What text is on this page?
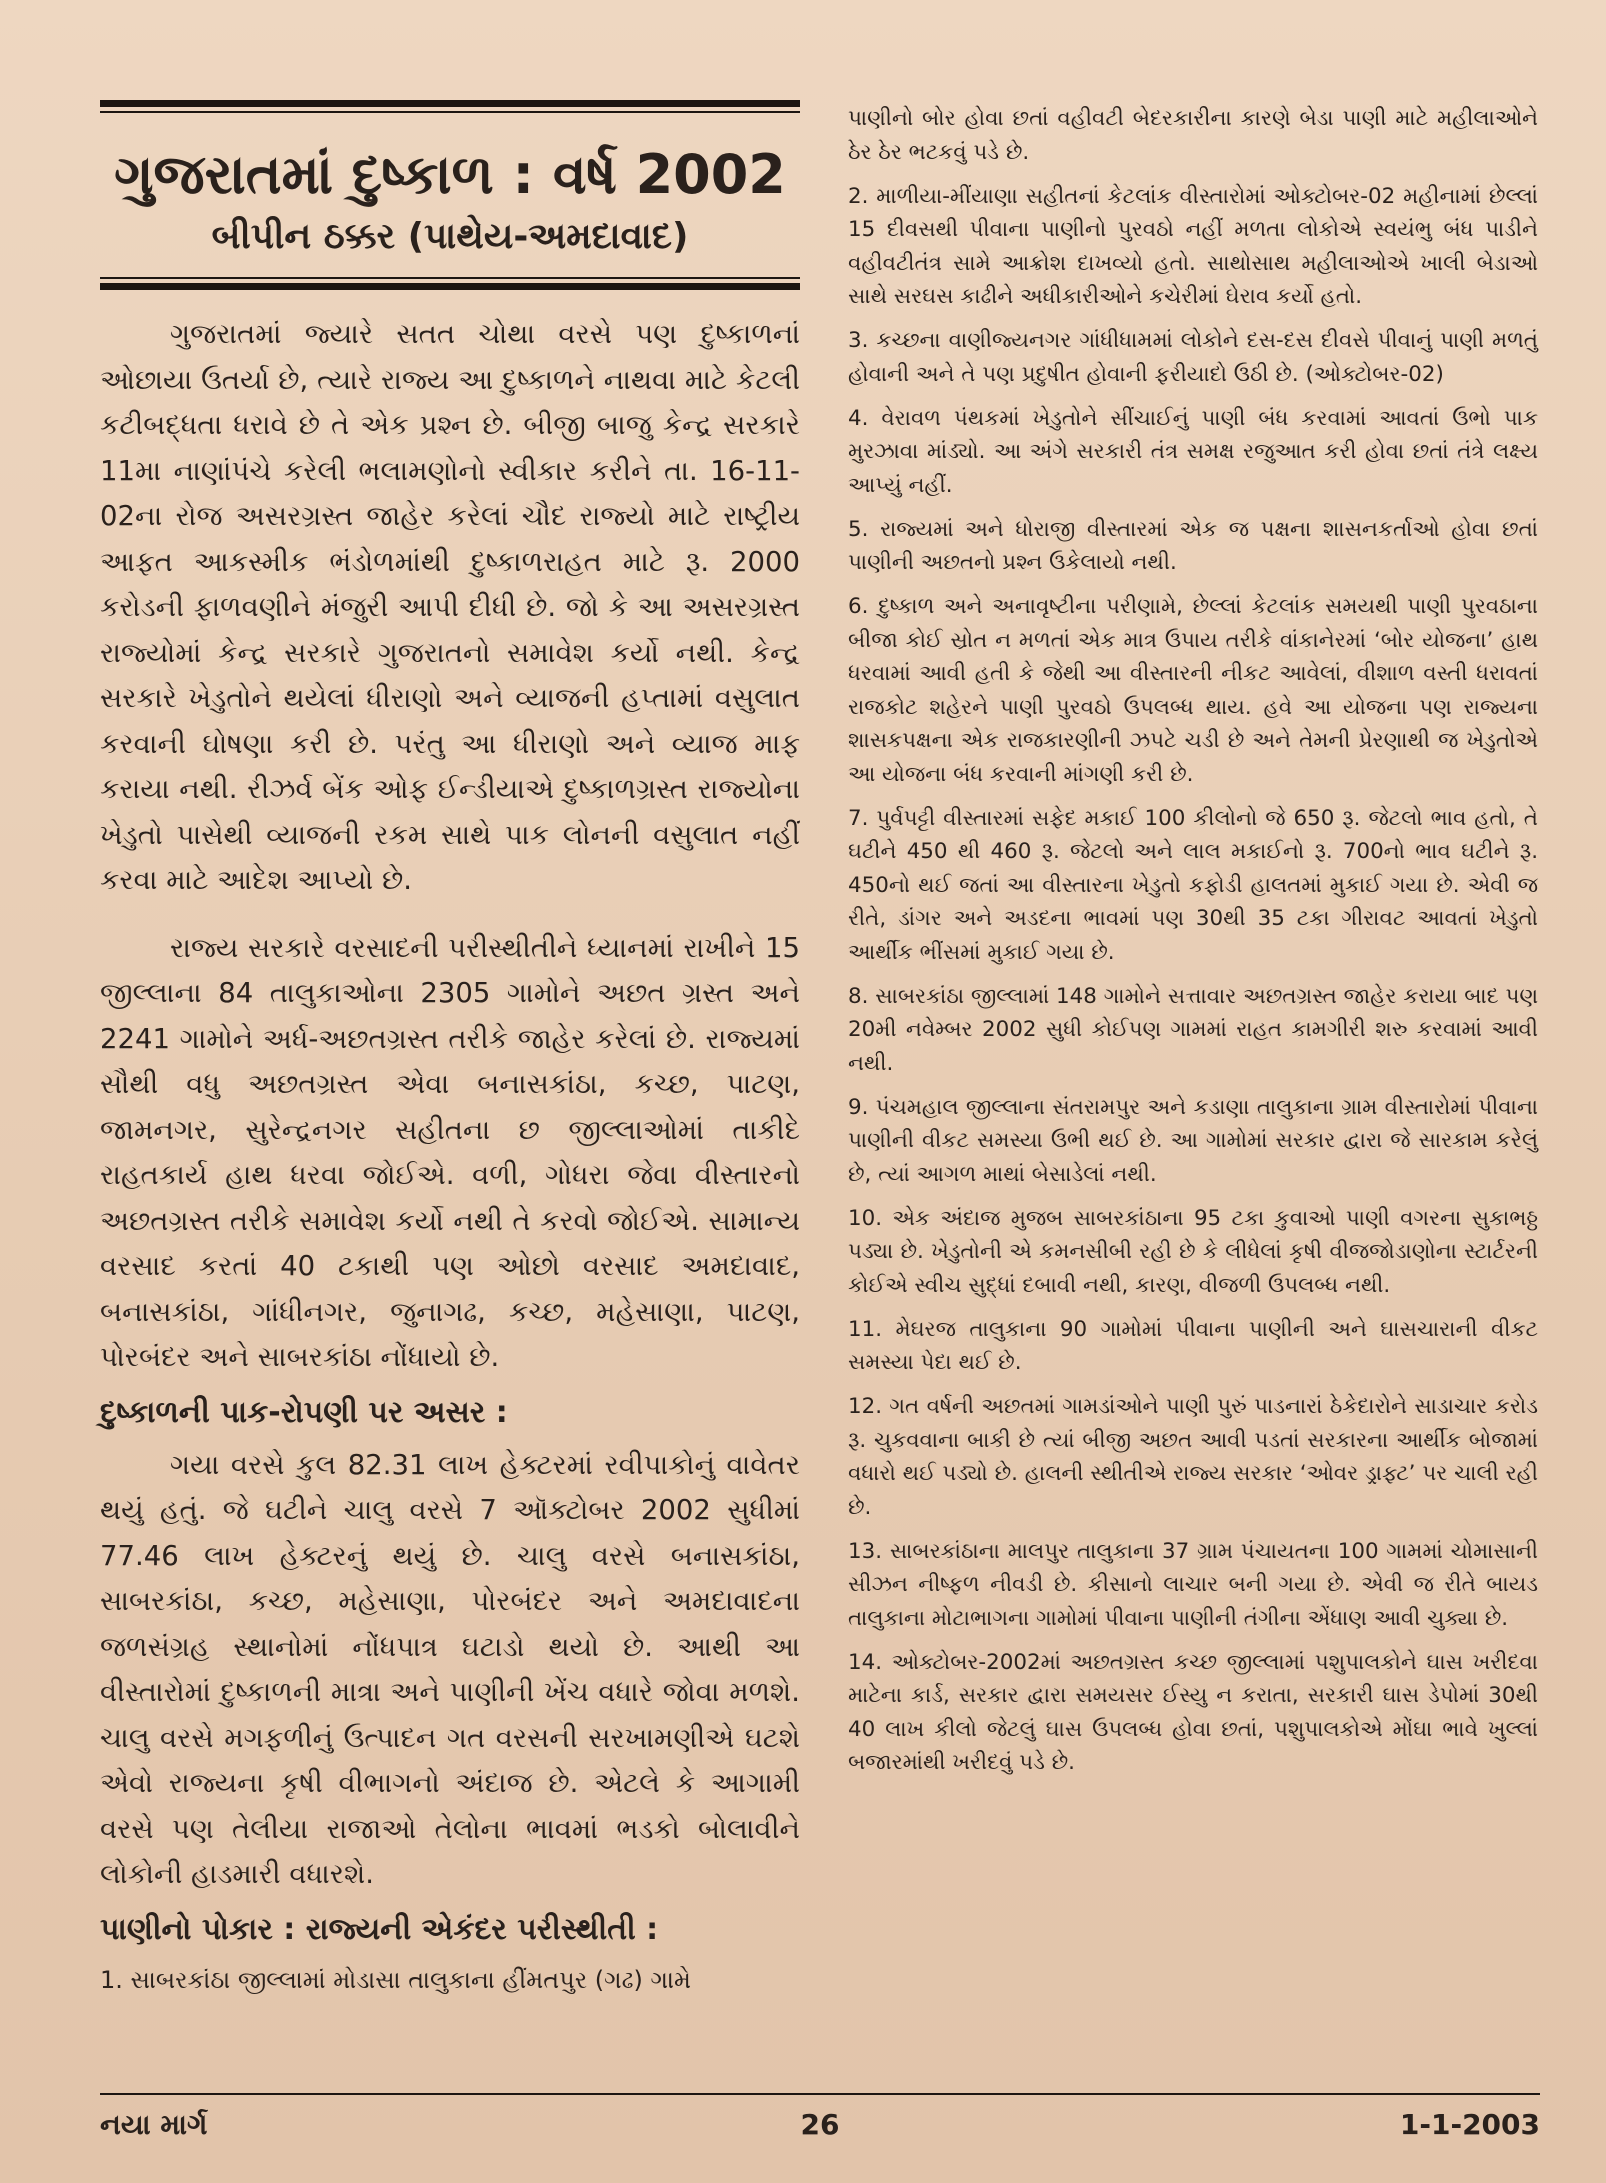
ગુજરાતમાં દુષ્કાળ : વર્ષ 2002
બીપીન ઠક્કર (પાથેય-અમદાવાદ)

ગુજરાતમાં જ્યારે સતત ચોથા વરસે પણ દુષ્કાળનાં ઓછાયા ઉતર્યા છે, ત્યારે રાજ્ય આ દુષ્કાળને નાથવા માટે કેટલી કટીબદ્ધતા ધરાવે છે તે એક પ્રશ્ન છે. બીજી બાજુ કેન્દ્ર સરકારે 11મા નાણાંપંચે કરેલી ભલામણોનો સ્વીકાર કરીને તા. 16-11-02ના રોજ અસરગ્રસ્ત જાહેર કરેલાં ચૌદ રાજ્યો માટે રાષ્ટ્રીય આફત આકસ્મીક ભંડોળમાંથી દુષ્કાળરાહત માટે રૂ. 2000 કરોડની ફાળવણીને મંજુરી આપી દીધી છે. જો કે આ અસરગ્રસ્ત રાજ્યોમાં કેન્દ્ર સરકારે ગુજરાતનો સમાવેશ કર્યો નથી. કેન્દ્ર સરકારે ખેડુતોને થયેલાં ધીરાણો અને વ્યાજની હપ્તામાં વસુલાત કરવાની ઘોષણા કરી છે. પરંતુ આ ધીરાણો અને વ્યાજ માફ કરાયા નથી. રીઝર્વ બેંક ઓફ ઈન્ડીયાએ દુષ્કાળગ્રસ્ત રાજ્યોના ખેડુતો પાસેથી વ્યાજની રકમ સાથે પાક લોનની વસુલાત નહીં કરવા માટે આદેશ આપ્યો છે.

રાજ્ય સરકારે વરસાદની પરીસ્થીતીને ધ્યાનમાં રાખીને 15 જીલ્લાના 84 તાલુકાઓના 2305 ગામોને અછત ગ્રસ્ત અને 2241 ગામોને અર્ધ-અછતગ્રસ્ત તરીકે જાહેર કરેલાં છે. રાજ્યમાં સૌથી વધુ અછતગ્રસ્ત એવા બનાસકાંઠા, કચ્છ, પાટણ, જામનગર, સુરેન્દ્રનગર સહીતના છ જીલ્લાઓમાં તાકીદે રાહતકાર્ય હાથ ધરવા જોઈએ. વળી, ગોધરા જેવા વીસ્તારનો અછતગ્રસ્ત તરીકે સમાવેશ કર્યો નથી તે કરવો જોઈએ. સામાન્ય વરસાદ કરતાં 40 ટકાથી પણ ઓછો વરસાદ અમદાવાદ, બનાસકાંઠા, ગાંધીનગર, જુનાગઢ, કચ્છ, મહેસાણા, પાટણ, પોરબંદર અને સાબરકાંઠા નોંધાયો છે.

દુષ્કાળની પાક-રોપણી પર અસર :

ગયા વરસે કુલ 82.31 લાખ હેક્ટરમાં રવીપાકોનું વાવેતર થયું હતું. જે ઘટીને ચાલુ વરસે 7 ઑક્ટોબર 2002 સુધીમાં 77.46 લાખ હેક્ટરનું થયું છે. ચાલુ વરસે બનાસકાંઠા, સાબરકાંઠા, કચ્છ, મહેસાણા, પોરબંદર અને અમદાવાદના જળસંગ્રહ સ્થાનોમાં નોંધપાત્ર ઘટાડો થયો છે. આથી આ વીસ્તારોમાં દુષ્કાળની માત્રા અને પાણીની ખેંચ વધારે જોવા મળશે. ચાલુ વરસે મગફળીનું ઉત્પાદન ગત વરસની સરખામણીએ ઘટશે એવો રાજ્યના કૃષી વીભાગનો અંદાજ છે. એટલે કે આગામી વરસે પણ તેલીયા રાજાઓ તેલોના ભાવમાં ભડકો બોલાવીને લોકોની હાડમારી વધારશે.

પાણીનો પોકાર : રાજ્યની એકંદર પરીસ્થીતી :

1. સાબરકાંઠા જીલ્લામાં મોડાસા તાલુકાના હીંમતપુર (ગઢ) ગામે

પાણીનો બોર હોવા છતાં વહીવટી બેદરકારીના કારણે બેડા પાણી માટે મહીલાઓને ઠેર ઠેર ભટકવું પડે છે.

2. માળીયા-મીંયાણા સહીતનાં કેટલાંક વીસ્તારોમાં ઓક્ટોબર-02 મહીનામાં છેલ્લાં 15 દીવસથી પીવાના પાણીનો પુરવઠો નહીં મળતા લોકોએ સ્વયંભુ બંધ પાડીને વહીવટીતંત્ર સામે આક્રોશ દાખવ્યો હતો. સાથોસાથ મહીલાઓએ ખાલી બેડાઓ સાથે સરઘસ કાઢીને અધીકારીઓને કચેરીમાં ઘેરાવ કર્યો હતો.

3. કચ્છના વાણીજ્યનગર ગાંધીધામમાં લોકોને દસ-દસ દીવસે પીવાનું પાણી મળતું હોવાની અને તે પણ પ્રદુષીત હોવાની ફરીયાદો ઉઠી છે. (ઓક્ટોબર-02)

4. વેરાવળ પંથકમાં ખેડુતોને સીંચાઈનું પાણી બંધ કરવામાં આવતાં ઉભો પાક મુરઝાવા માંડ્યો. આ અંગે સરકારી તંત્ર સમક્ષ રજુઆત કરી હોવા છતાં તંત્રે લક્ષ્ય આપ્યું નહીં.

5. રાજ્યમાં અને ધોરાજી વીસ્તારમાં એક જ પક્ષના શાસનકર્તાઓ હોવા છતાં પાણીની અછતનો પ્રશ્ન ઉકેલાયો નથી.

6. દુષ્કાળ અને અનાવૃષ્ટીના પરીણામે, છેલ્લાં કેટલાંક સમયથી પાણી પુરવઠાના બીજા કોઈ સ્રોત ન મળતાં એક માત્ર ઉપાય તરીકે વાંકાનેરમાં ‘બોર યોજના’ હાથ ધરવામાં આવી હતી કે જેથી આ વીસ્તારની નીકટ આવેલાં, વીશાળ વસ્તી ધરાવતાં રાજકોટ શહેરને પાણી પુરવઠો ઉપલબ્ધ થાય. હવે આ યોજના પણ રાજ્યના શાસકપક્ષના એક રાજકારણીની ઝપટે ચડી છે અને તેમની પ્રેરણાથી જ ખેડુતોએ આ યોજના બંધ કરવાની માંગણી કરી છે.

7. પુર્વપટ્ટી વીસ્તારમાં સફેદ મકાઈ 100 કીલોનો જે 650 રૂ. જેટલો ભાવ હતો, તે ઘટીને 450 થી 460 રૂ. જેટલો અને લાલ મકાઈનો રૂ. 700નો ભાવ ઘટીને રૂ. 450નો થઈ જતાં આ વીસ્તારના ખેડુતો કફોડી હાલતમાં મુકાઈ ગયા છે. એવી જ રીતે, ડાંગર અને અડદના ભાવમાં પણ 30થી 35 ટકા ગીરાવટ આવતાં ખેડુતો આર્થીક ભીંસમાં મુકાઈ ગયા છે.

8. સાબરકાંઠા જીલ્લામાં 148 ગામોને સત્તાવાર અછતગ્રસ્ત જાહેર કરાયા બાદ પણ 20મી નવેમ્બર 2002 સુધી કોઈપણ ગામમાં રાહત કામગીરી શરુ કરવામાં આવી નથી.

9. પંચમહાલ જીલ્લાના સંતરામપુર અને કડાણા તાલુકાના ગ્રામ વીસ્તારોમાં પીવાના પાણીની વીકટ સમસ્યા ઉભી થઈ છે. આ ગામોમાં સરકાર દ્વારા જે સારકામ કરેલું છે, ત્યાં આગળ માથાં બેસાડેલાં નથી.

10. એક અંદાજ મુજબ સાબરકાંઠાના 95 ટકા કુવાઓ પાણી વગરના સુકાભઠ્ઠ પડ્યા છે. ખેડુતોની એ કમનસીબી રહી છે કે લીધેલાં કૃષી વીજજોડાણોના સ્ટાર્ટરની કોઈએ સ્વીચ સુદ્ધાં દબાવી નથી, કારણ, વીજળી ઉપલબ્ધ નથી.

11. મેઘરજ તાલુકાના 90 ગામોમાં પીવાના પાણીની અને ઘાસચારાની વીકટ સમસ્યા પેદા થઈ છે.

12. ગત વર્ષની અછતમાં ગામડાંઓને પાણી પુરું પાડનારાં ઠેકેદારોને સાડાચાર કરોડ રૂ. ચુકવવાના બાકી છે ત્યાં બીજી અછત આવી પડતાં સરકારના આર્થીક બોજામાં વધારો થઈ પડ્યો છે. હાલની સ્થીતીએ રાજ્ય સરકાર ‘ઓવર ડ્રાફ્ટ’ પર ચાલી રહી છે.

13. સાબરકાંઠાના માલપુર તાલુકાના 37 ગ્રામ પંચાયતના 100 ગામમાં ચોમાસાની સીઝન નીષ્ફળ નીવડી છે. કીસાનો લાચાર બની ગયા છે. એવી જ રીતે બાયડ તાલુકાના મોટાભાગના ગામોમાં પીવાના પાણીની તંગીના એંધાણ આવી ચુક્યા છે.

14. ઓક્ટોબર-2002માં અછતગ્રસ્ત કચ્છ જીલ્લામાં પશુપાલકોને ઘાસ ખરીદવા માટેના કાર્ડ, સરકાર દ્વારા સમયસર ઈસ્યુ ન કરાતા, સરકારી ઘાસ ડેપોમાં 30થી 40 લાખ કીલો જેટલું ઘાસ ઉપલબ્ધ હોવા છતાં, પશુપાલકોએ મોંઘા ભાવે ખુલ્લાં બજારમાંથી ખરીદવું પડે છે.

નયા માર્ગ	26	1-1-2003
